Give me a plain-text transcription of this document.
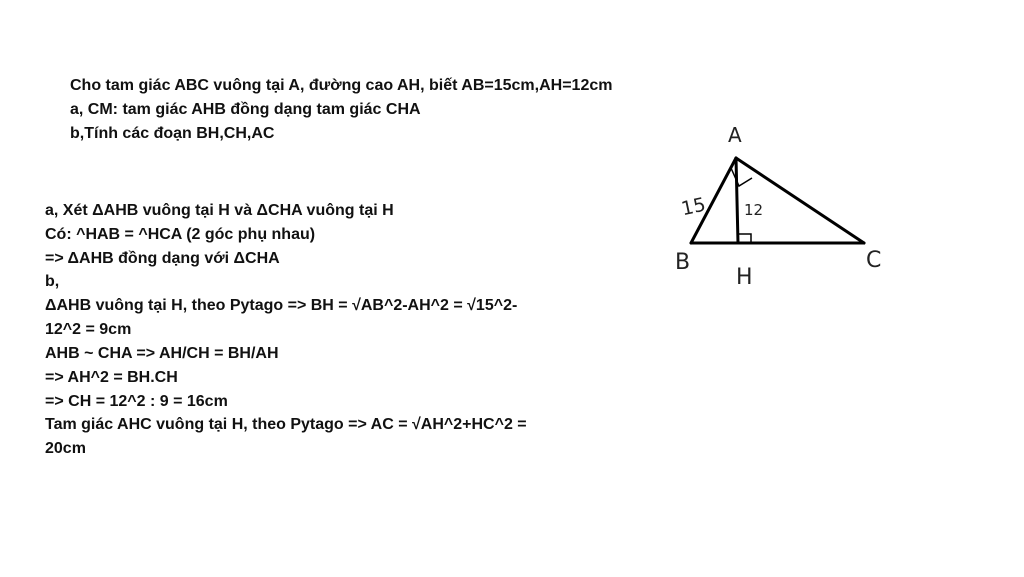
Cho tam giác ABC vuông tại A, đường cao AH, biết AB=15cm,AH=12cm
a, CM: tam giác AHB đồng dạng tam giác CHA
b,Tính các đoạn BH,CH,AC
a, Xét ΔAHB vuông tại H và ΔCHA vuông tại H
Có: ^HAB = ^HCA (2 góc phụ nhau)
=> ΔAHB đồng dạng với ΔCHA
b,
ΔAHB vuông tại H, theo Pytago => BH = √AB^2-AH^2 = √15^2-
12^2 = 9cm
AHB ~ CHA => AH/CH = BH/AH
=> AH^2 = BH.CH
=> CH = 12^2 : 9 = 16cm
Tam giác AHC vuông tại H, theo Pytago => AC = √AH^2+HC^2 =
20cm
A
B	C
H
15 12
